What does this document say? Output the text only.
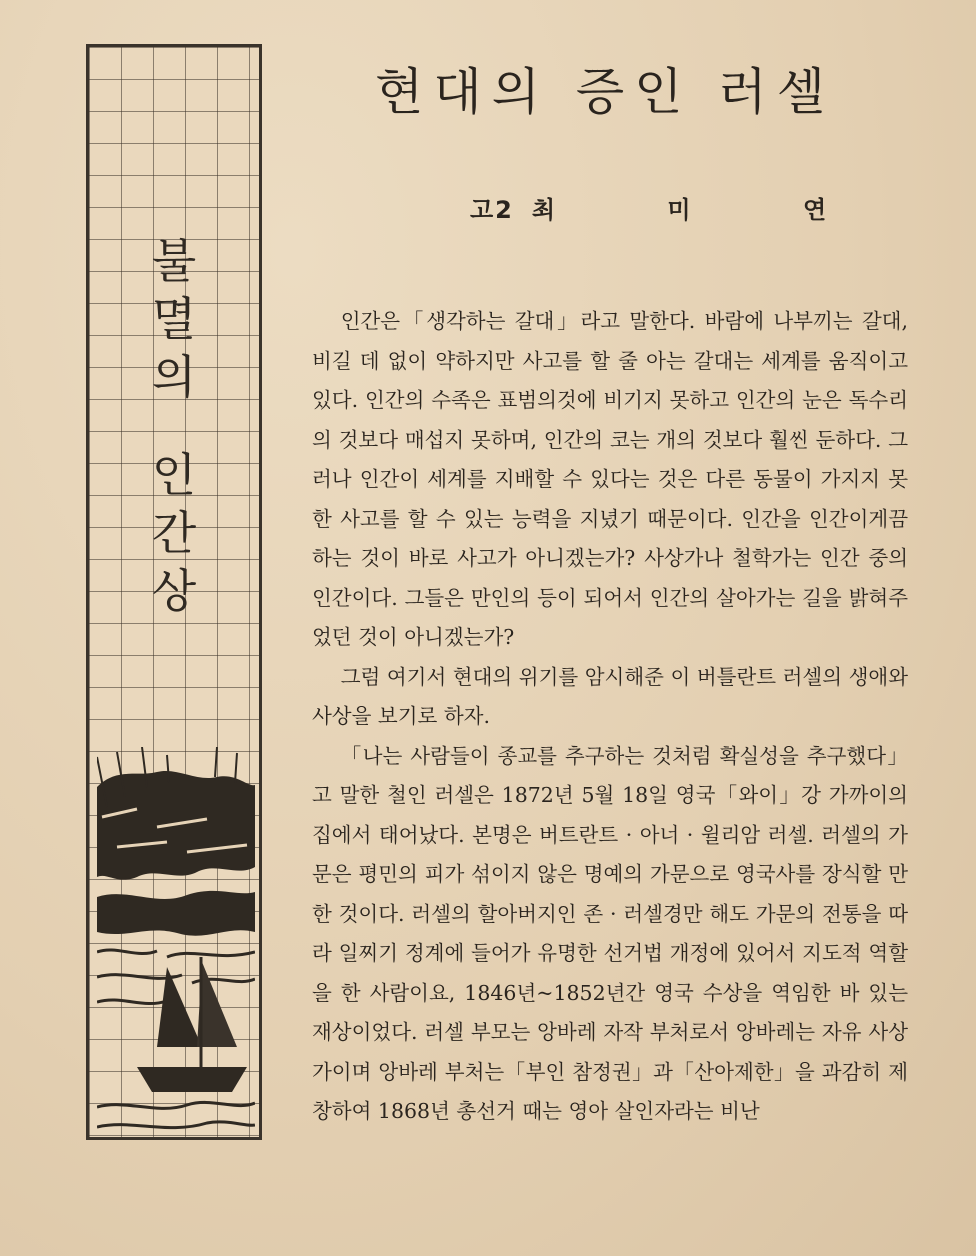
불
멸
의
인
간
상
현대의 증인 러셀
고2 최 미 연

인간은「생각하는 갈대」라고 말한다. 바람에 나부끼는 갈대, 비길 데 없이 약하지만 사고를 할 줄 아는 갈대는 세계를 움직이고 있다. 인간의 수족은 표범의것에 비기지 못하고 인간의 눈은 독수리의 것보다 매섭지 못하며, 인간의 코는 개의 것보다 훨씬 둔하다. 그러나 인간이 세계를 지배할 수 있다는 것은 다른 동물이 가지지 못한 사고를 할 수 있는 능력을 지녔기 때문이다. 인간을 인간이게끔 하는 것이 바로 사고가 아니겠는가? 사상가나 철학가는 인간 중의 인간이다. 그들은 만인의 등이 되어서 인간의 살아가는 길을 밝혀주었던 것이 아니겠는가?

그럼 여기서 현대의 위기를 암시해준 이 버틀란트 러셀의 생애와 사상을 보기로 하자.

「나는 사람들이 종교를 추구하는 것처럼 확실성을 추구했다」고 말한 철인 러셀은 1872년 5월 18일 영국「와이」강 가까이의 집에서 태어났다. 본명은 버트란트 · 아너 · 윌리암 러셀. 러셀의 가문은 평민의 피가 섞이지 않은 명예의 가문으로 영국사를 장식할 만한 것이다. 러셀의 할아버지인 존 · 러셀경만 해도 가문의 전통을 따라 일찌기 정계에 들어가 유명한 선거법 개정에 있어서 지도적 역할을 한 사람이요, 1846년~1852년간 영국 수상을 역임한 바 있는 재상이었다. 러셀 부모는 앙바레 자작 부처로서 앙바레는 자유 사상가이며 앙바레 부처는「부인 참정권」과「산아제한」을 과감히 제창하여 1868년 총선거 때는 영아 살인자라는 비난
